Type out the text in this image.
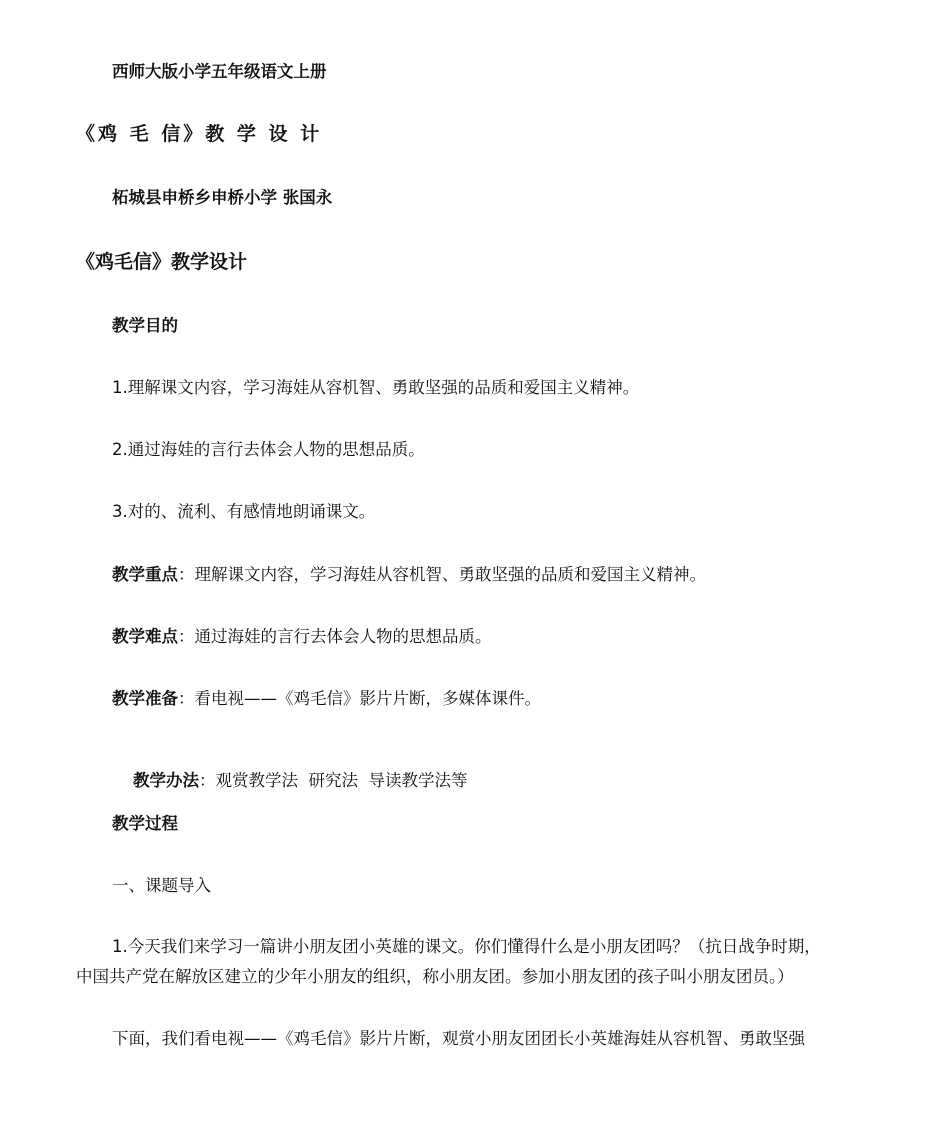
西师大版小学五年级语文上册
《鸡 毛 信》教 学 设 计
柘城县申桥乡申桥小学 张国永
《鸡毛信》教学设计
教学目的
1.理解课文内容，学习海娃从容机智、勇敢坚强的品质和爱国主义精神。
2.通过海娃的言行去体会人物的思想品质。
3.对的、流利、有感情地朗诵课文。
教学重点：理解课文内容，学习海娃从容机智、勇敢坚强的品质和爱国主义精神。
教学难点：通过海娃的言行去体会人物的思想品质。
教学准备：看电视——《鸡毛信》影片片断，多媒体课件。

教学办法：观赏教学法  研究法  导读教学法等

教学过程
一、课题导入
1.今天我们来学习一篇讲小朋友团小英雄的课文。你们懂得什么是小朋友团吗？（抗日战争时期，
中国共产党在解放区建立的少年小朋友的组织，称小朋友团。参加小朋友团的孩子叫小朋友团员。）
下面，我们看电视——《鸡毛信》影片片断，观赏小朋友团团长小英雄海娃从容机智、勇敢坚强
